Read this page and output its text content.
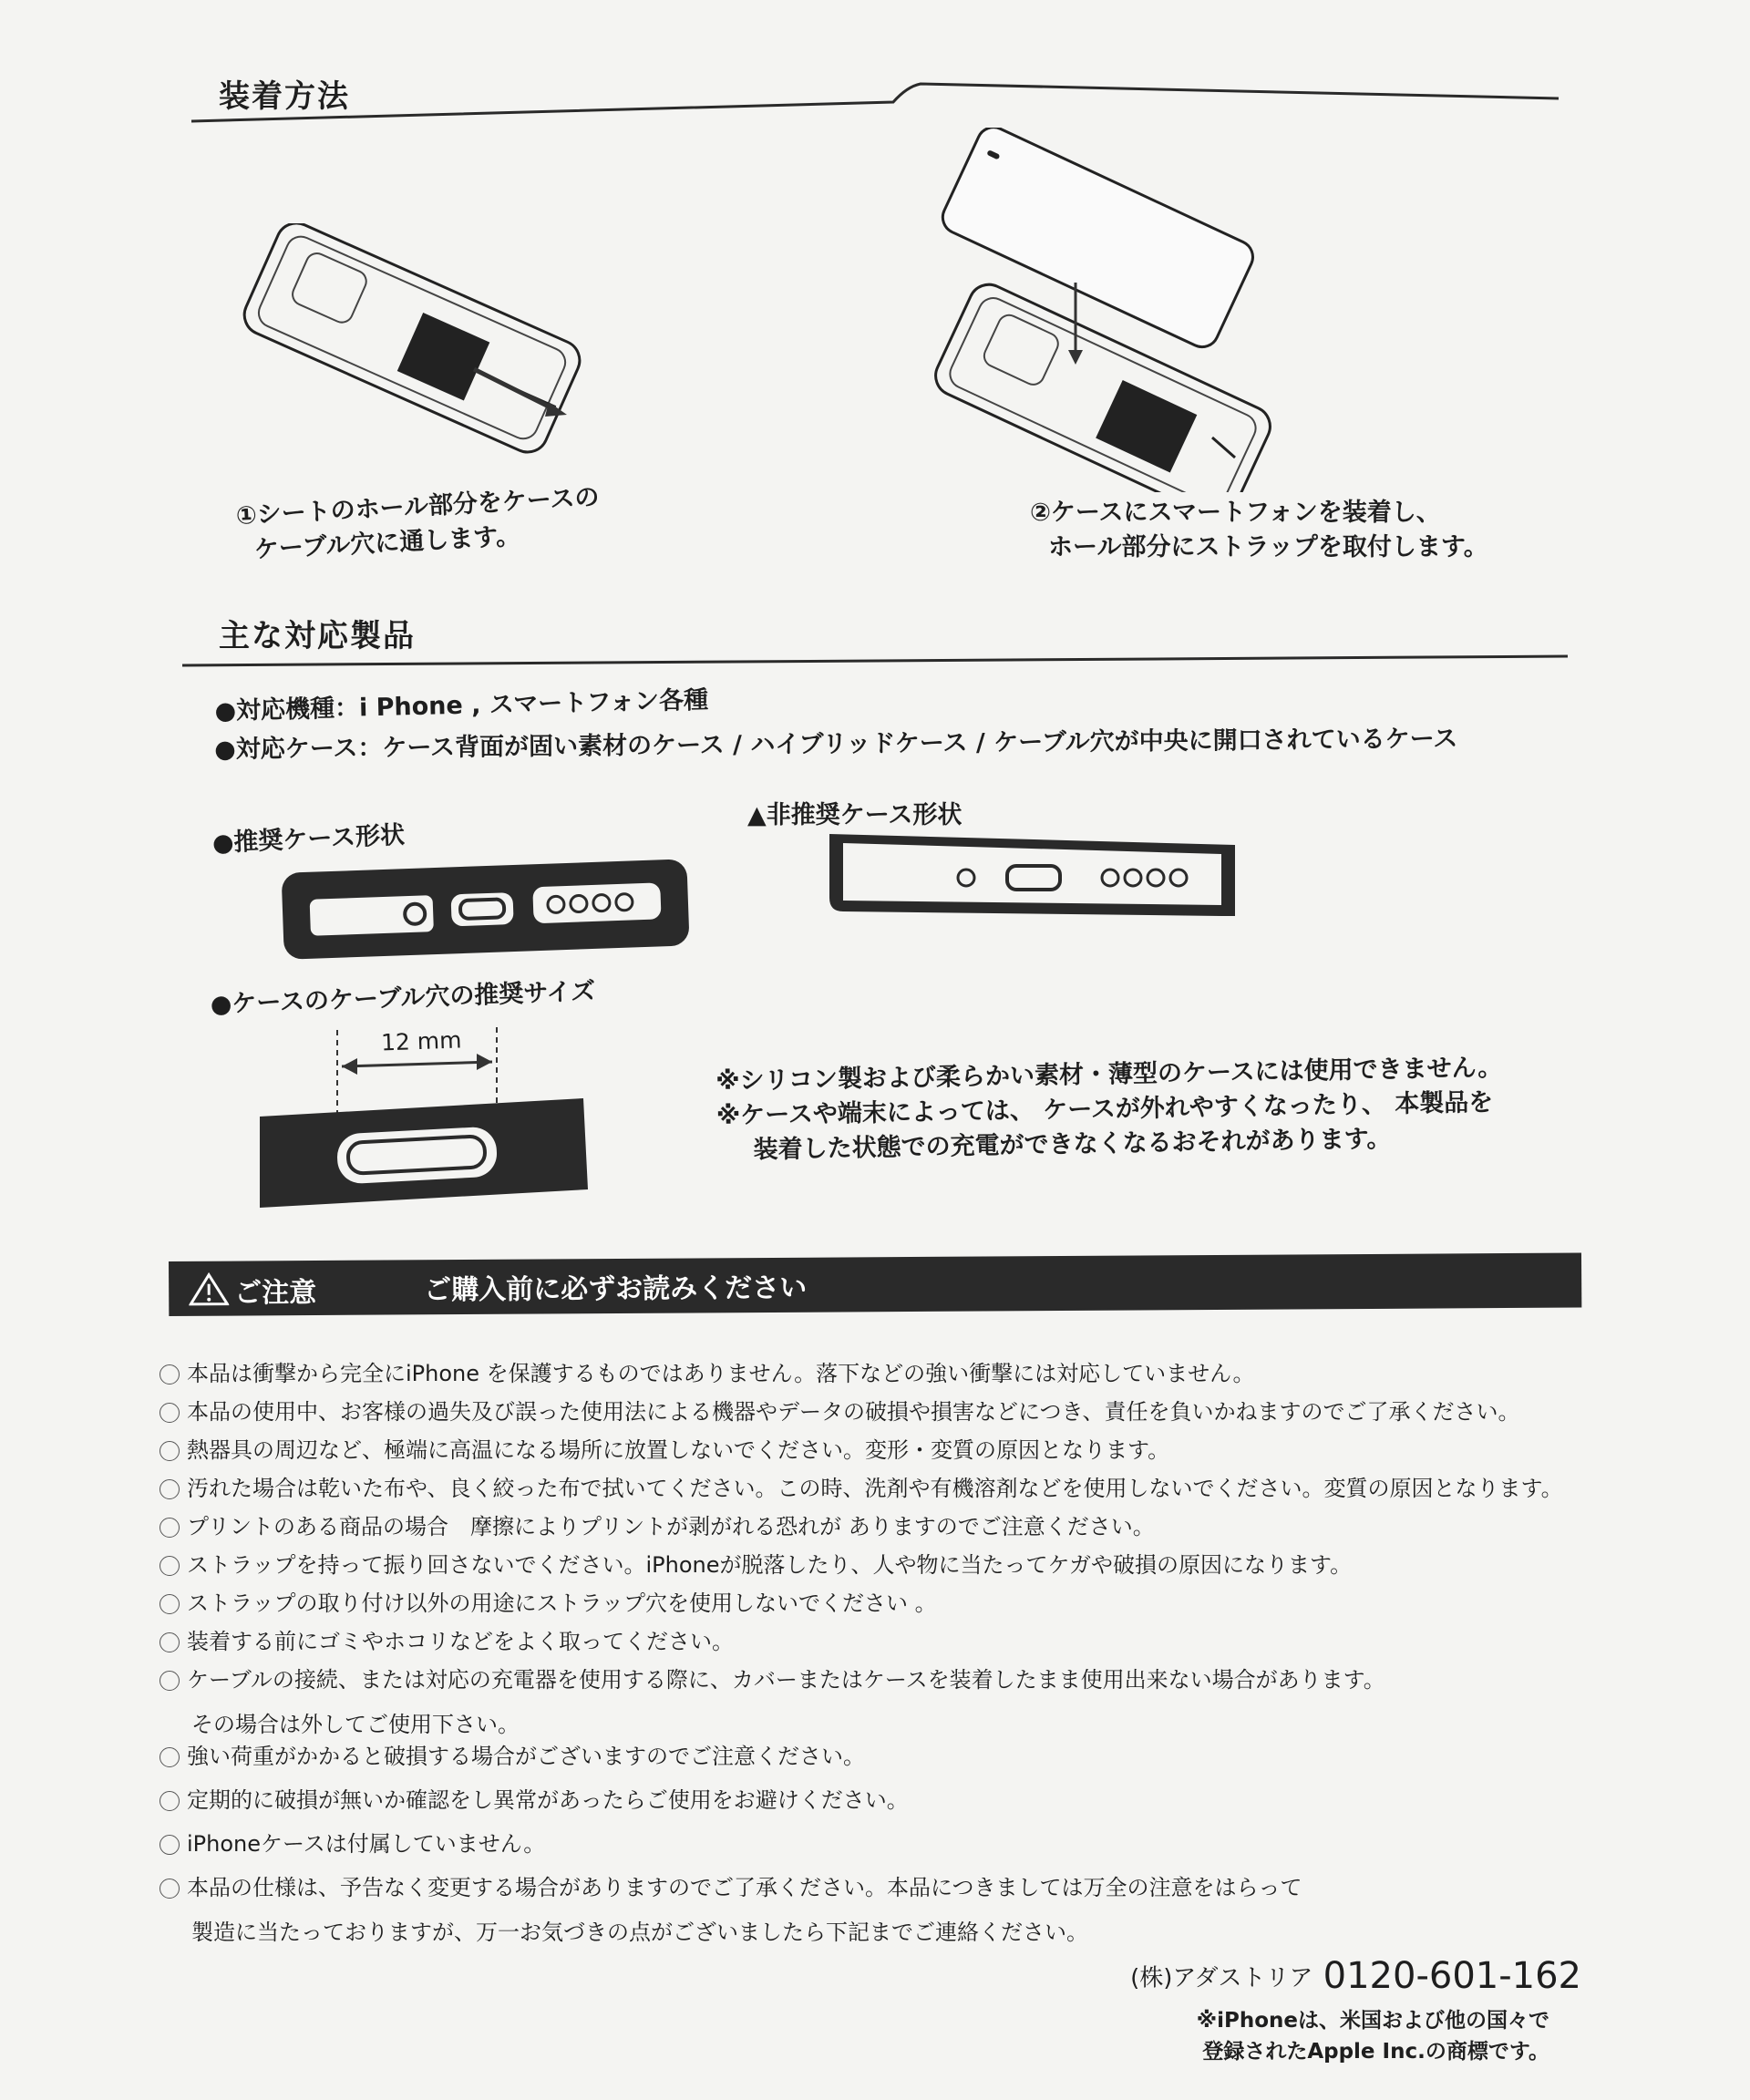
装着方法
①シートのホール部分をケースの
ケーブル穴に通します。
②ケースにスマートフォンを装着し、
ホール部分にストラップを取付します。
主な対応製品
●対応機種：i Phone , スマートフォン各種
●対応ケース：ケース背面が固い素材のケース / ハイブリッドケース / ケーブル穴が中央に開口されているケース
●推奨ケース形状
▲非推奨ケース形状
●ケースのケーブル穴の推奨サイズ
12 mm
※シリコン製および柔らかい素材・薄型のケースには使用できません。
※ケースや端末によっては、 ケースが外れやすくなったり、 本製品を
装着した状態での充電ができなくなるおそれがあります。
ご注意	ご購入前に必ずお読みください
本品は衝撃から完全にiPhone を保護するものではありません。落下などの強い衝撃には対応していません。
本品の使用中、お客様の過失及び誤った使用法による機器やデータの破損や損害などにつき、責任を負いかねますのでご了承ください。
熱器具の周辺など、極端に高温になる場所に放置しないでください。変形・変質の原因となります。
汚れた場合は乾いた布や、良く絞った布で拭いてください。この時、洗剤や有機溶剤などを使用しないでください。変質の原因となります。
プリントのある商品の場合　摩擦によりプリントが剥がれる恐れが ありますのでご注意ください。
ストラップを持って振り回さないでください。iPhoneが脱落したり、人や物に当たってケガや破損の原因になります。
ストラップの取り付け以外の用途にストラップ穴を使用しないでください 。
装着する前にゴミやホコリなどをよく取ってください。
ケーブルの接続、または対応の充電器を使用する際に、カバーまたはケースを装着したまま使用出来ない場合があります。
その場合は外してご使用下さい。
強い荷重がかかると破損する場合がございますのでご注意ください。
定期的に破損が無いか確認をし異常があったらご使用をお避けください。
iPhoneケースは付属していません。
本品の仕様は、予告なく変更する場合がありますのでご了承ください。本品につきましては万全の注意をはらって
製造に当たっておりますが、万一お気づきの点がございましたら下記までご連絡ください。
(株)アダストリア 0120-601-162
※iPhoneは、米国および他の国々で
登録されたApple Inc.の商標です。
